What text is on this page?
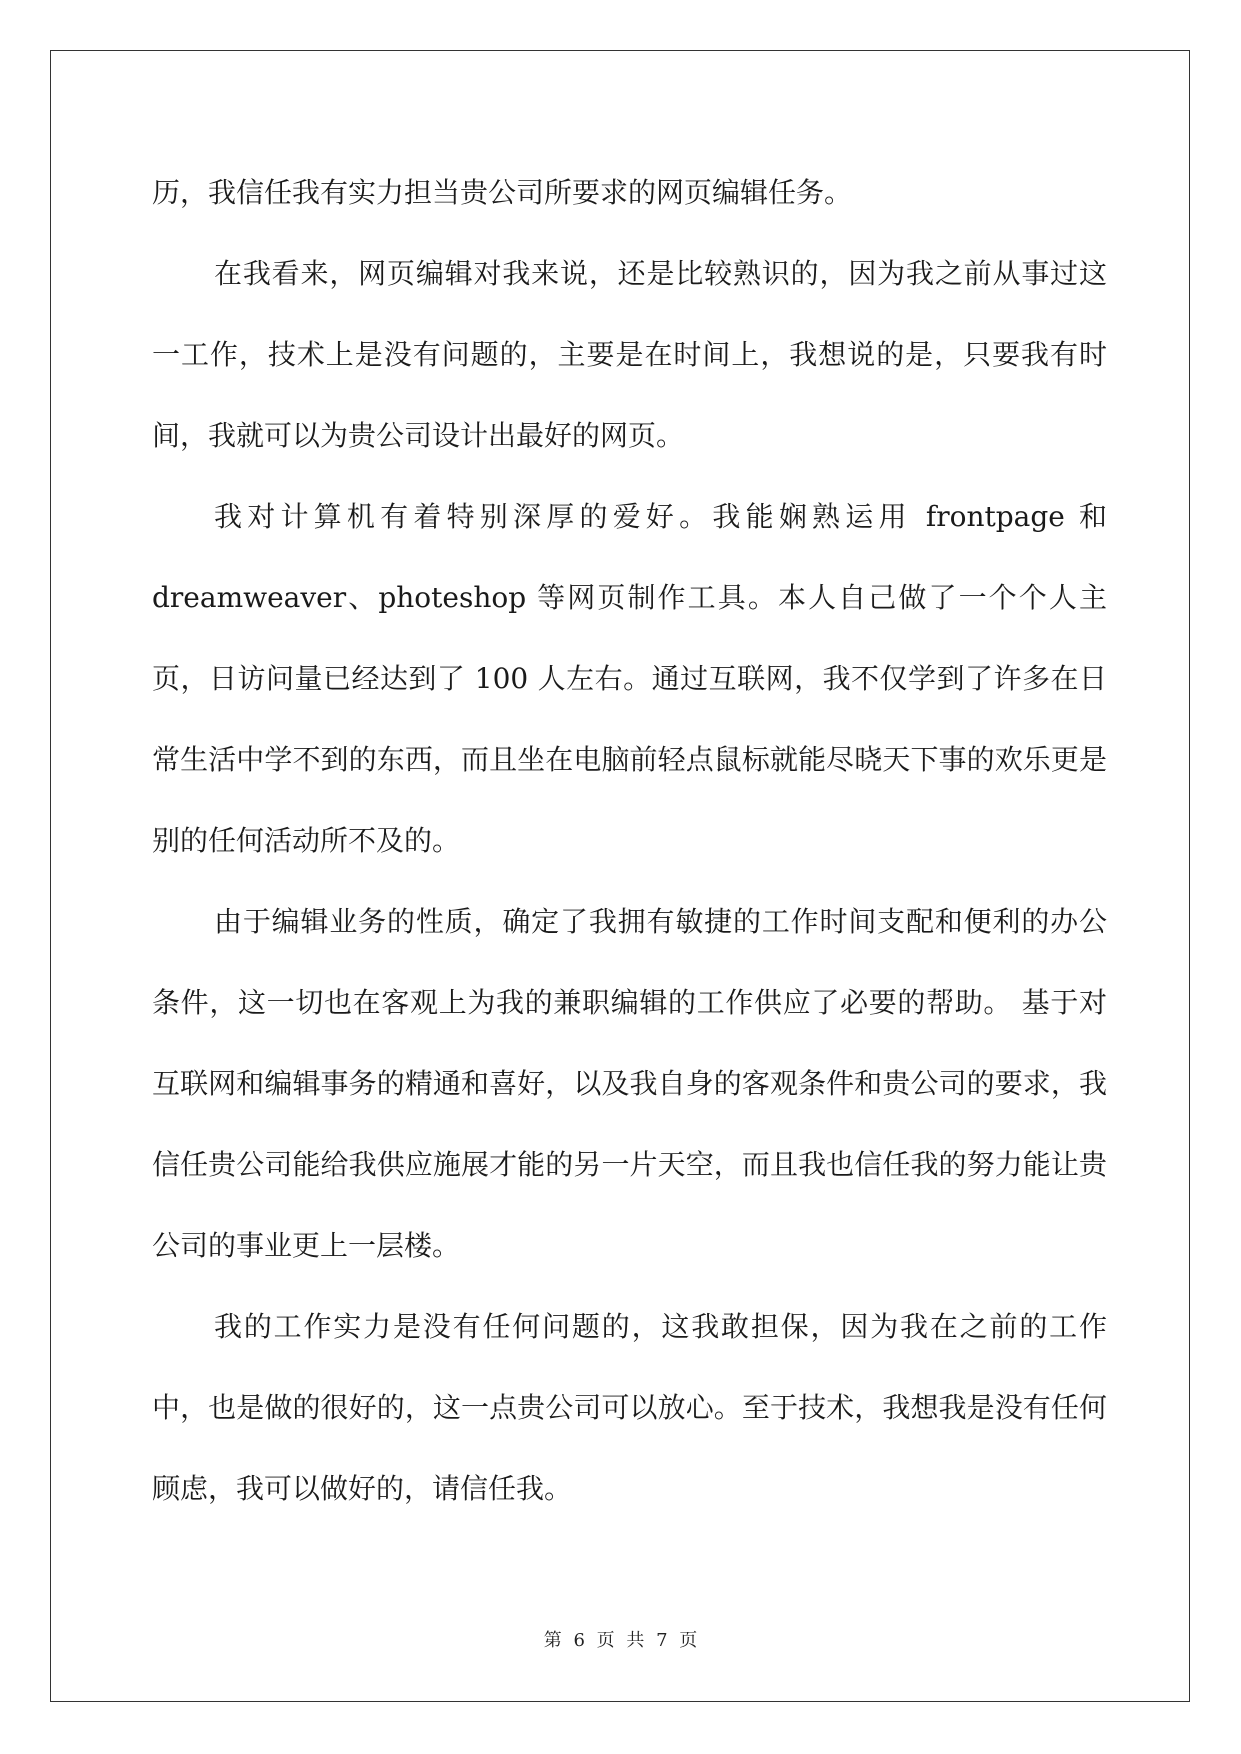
历，我信任我有实力担当贵公司所要求的网页编辑任务。

在我看来，网页编辑对我来说，还是比较熟识的，因为我之前从事过这一工作，技术上是没有问题的，主要是在时间上，我想说的是，只要我有时间，我就可以为贵公司设计出最好的网页。

我对计算机有着特别深厚的爱好。我能娴熟运用 frontpage 和 dreamweaver、photeshop 等网页制作工具。本人自己做了一个个人主页，日访问量已经达到了 100 人左右。通过互联网，我不仅学到了许多在日常生活中学不到的东西，而且坐在电脑前轻点鼠标就能尽晓天下事的欢乐更是别的任何活动所不及的。

由于编辑业务的性质，确定了我拥有敏捷的工作时间支配和便利的办公条件，这一切也在客观上为我的兼职编辑的工作供应了必要的帮助。 基于对互联网和编辑事务的精通和喜好，以及我自身的客观条件和贵公司的要求，我信任贵公司能给我供应施展才能的另一片天空，而且我也信任我的努力能让贵公司的事业更上一层楼。

我的工作实力是没有任何问题的，这我敢担保，因为我在之前的工作中，也是做的很好的，这一点贵公司可以放心。至于技术，我想我是没有任何顾虑，我可以做好的，请信任我。

第 6 页 共 7 页
